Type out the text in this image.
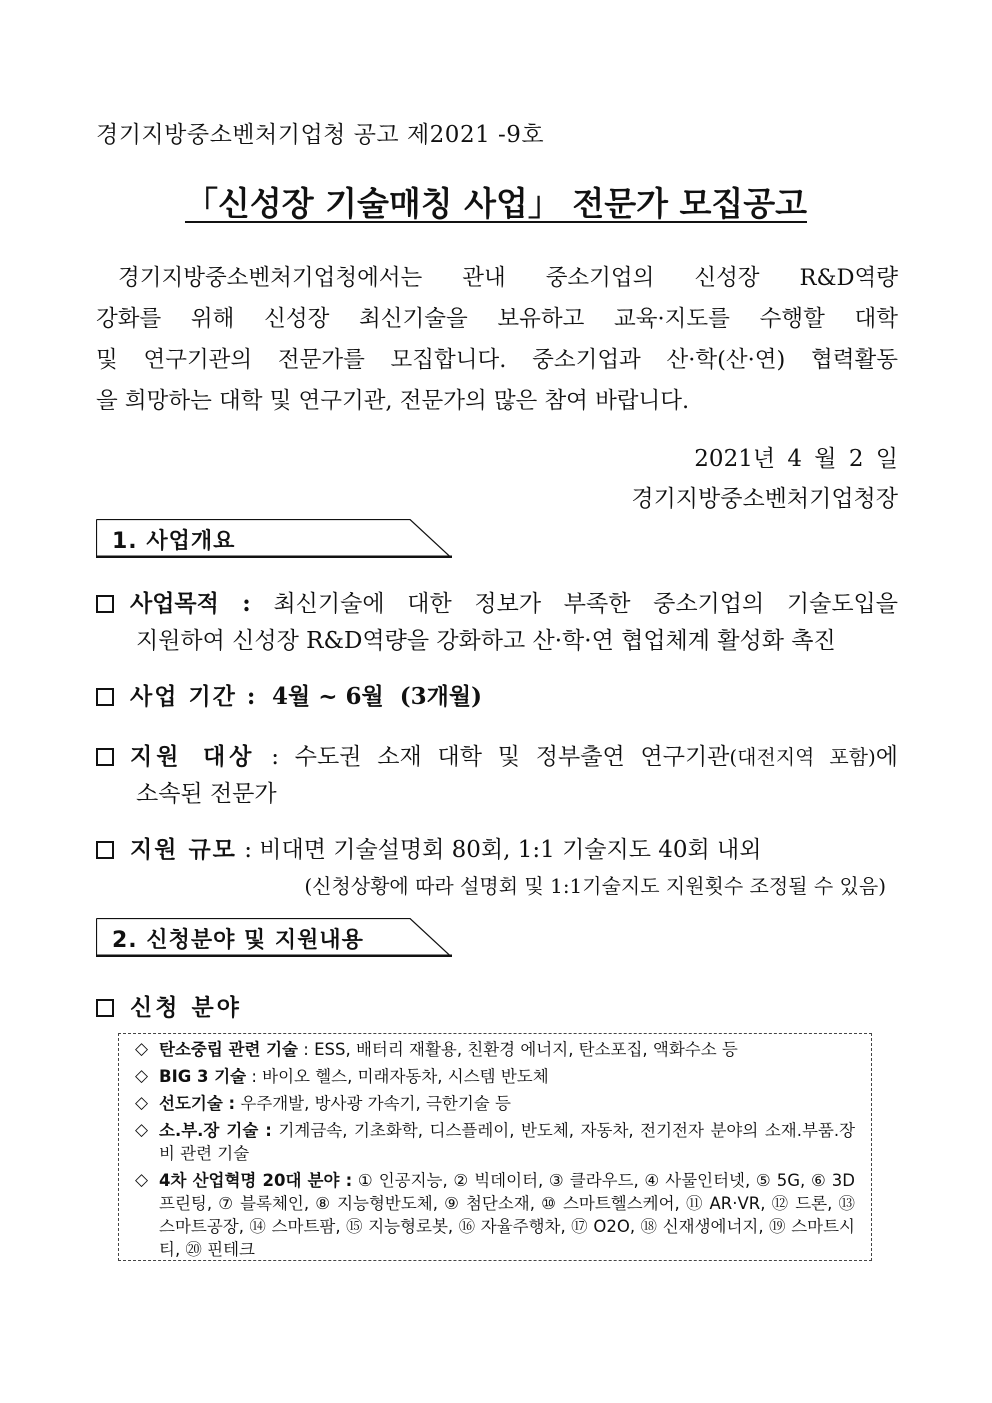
경기지방중소벤처기업청 공고 제2021 -9호
「신성장 기술매칭 사업」 전문가 모집공고
경기지방중소벤처기업청에서는 관내 중소기업의 신성장 R&D역량
강화를 위해 신성장 최신기술을 보유하고 교육·지도를 수행할 대학
및 연구기관의 전문가를 모집합니다. 중소기업과 산·학(산·연) 협력활동
을 희망하는 대학 및 연구기관, 전문가의 많은 참여 바랍니다.
2021년 4 월 2 일
경기지방중소벤처기업청장
1. 사업개요
사업목적 : 최신기술에 대한 정보가 부족한 중소기업의 기술도입을
지원하여 신성장 R&D역량을 강화하고 산·학·연 협업체계 활성화 촉진
사업 기간 : 4월 ~ 6월  (3개월)
지원 대상 : 수도권 소재 대학 및 정부출연 연구기관(대전지역 포함)에
소속된 전문가
지원 규모 : 비대면 기술설명회 80회, 1:1 기술지도 40회 내외
(신청상황에 따라 설명회 및 1:1기술지도 지원횟수 조정될 수 있음)
2. 신청분야 및 지원내용
신청 분야
◇ 탄소중립 관련 기술 : ESS, 배터리 재활용, 친환경 에너지, 탄소포집, 액화수소 등
◇ BIG 3 기술 : 바이오 헬스, 미래자동차, 시스템 반도체
◇ 선도기술 : 우주개발, 방사광 가속기, 극한기술 등
◇ 소.부.장 기술 : 기계금속, 기초화학, 디스플레이, 반도체, 자동차, 전기전자 분야의 소재.부품.장비 관련 기술
◇ 4차 산업혁명 20대 분야 : ① 인공지능, ② 빅데이터, ③ 클라우드, ④ 사물인터넷, ⑤ 5G, ⑥ 3D프린팅, ⑦ 블록체인, ⑧ 지능형반도체, ⑨ 첨단소재, ⑩ 스마트헬스케어, ⑪ AR·VR, ⑫ 드론, ⑬ 스마트공장, ⑭ 스마트팜, ⑮ 지능형로봇, ⑯ 자율주행차, ⑰ O2O, ⑱ 신재생에너지, ⑲ 스마트시티, ⑳ 핀테크
